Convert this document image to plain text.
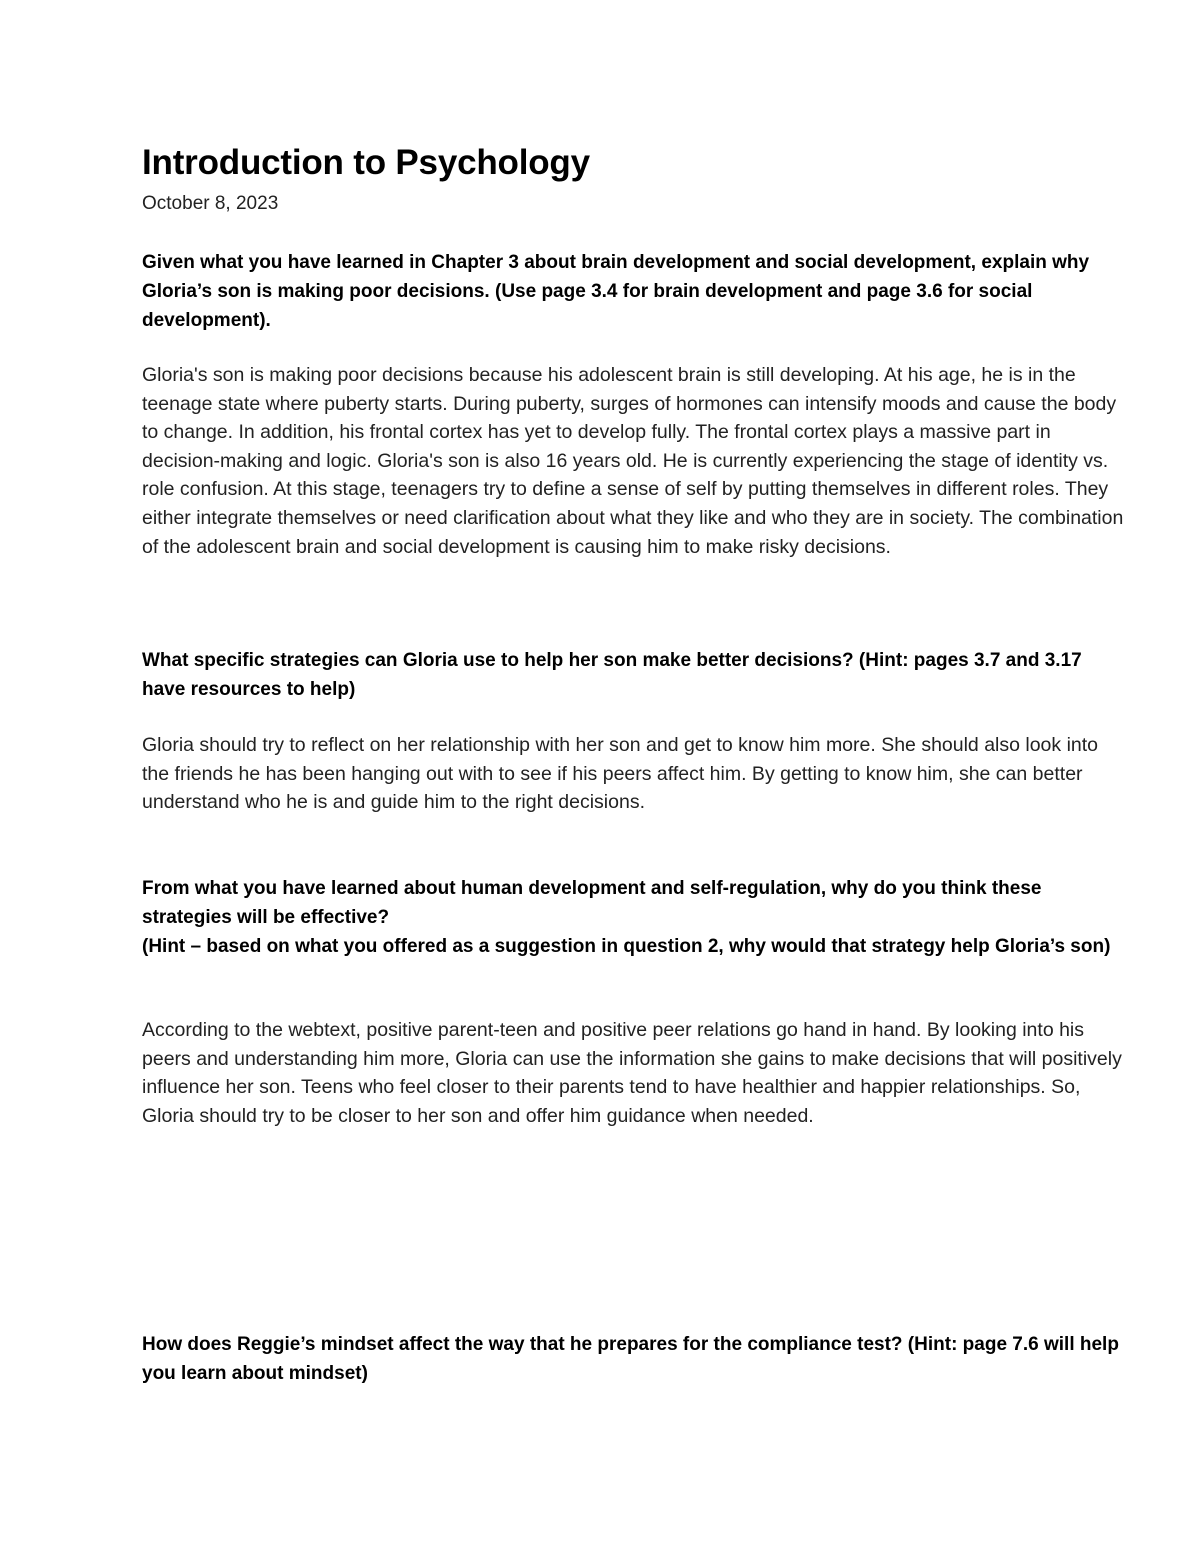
Introduction to Psychology

October 8, 2023

Given what you have learned in Chapter 3 about brain development and social development, explain why Gloria’s son is making poor decisions. (Use page 3.4 for brain development and page 3.6 for social development).

Gloria's son is making poor decisions because his adolescent brain is still developing. At his age, he is in the teenage state where puberty starts. During puberty, surges of hormones can intensify moods and cause the body to change. In addition, his frontal cortex has yet to develop fully. The frontal cortex plays a massive part in decision-making and logic. Gloria's son is also 16 years old. He is currently experiencing the stage of identity vs. role confusion. At this stage, teenagers try to define a sense of self by putting themselves in different roles. They either integrate themselves or need clarification about what they like and who they are in society. The combination of the adolescent brain and social development is causing him to make risky decisions.

What specific strategies can Gloria use to help her son make better decisions? (Hint: pages 3.7 and 3.17 have resources to help)

Gloria should try to reflect on her relationship with her son and get to know him more. She should also look into the friends he has been hanging out with to see if his peers affect him. By getting to know him, she can better understand who he is and guide him to the right decisions.

From what you have learned about human development and self-regulation, why do you think these strategies will be effective?
(Hint – based on what you offered as a suggestion in question 2, why would that strategy help Gloria’s son)

According to the webtext, positive parent-teen and positive peer relations go hand in hand. By looking into his peers and understanding him more, Gloria can use the information she gains to make decisions that will positively influence her son. Teens who feel closer to their parents tend to have healthier and happier relationships. So, Gloria should try to be closer to her son and offer him guidance when needed.

How does Reggie’s mindset affect the way that he prepares for the compliance test? (Hint: page 7.6 will help you learn about mindset)
